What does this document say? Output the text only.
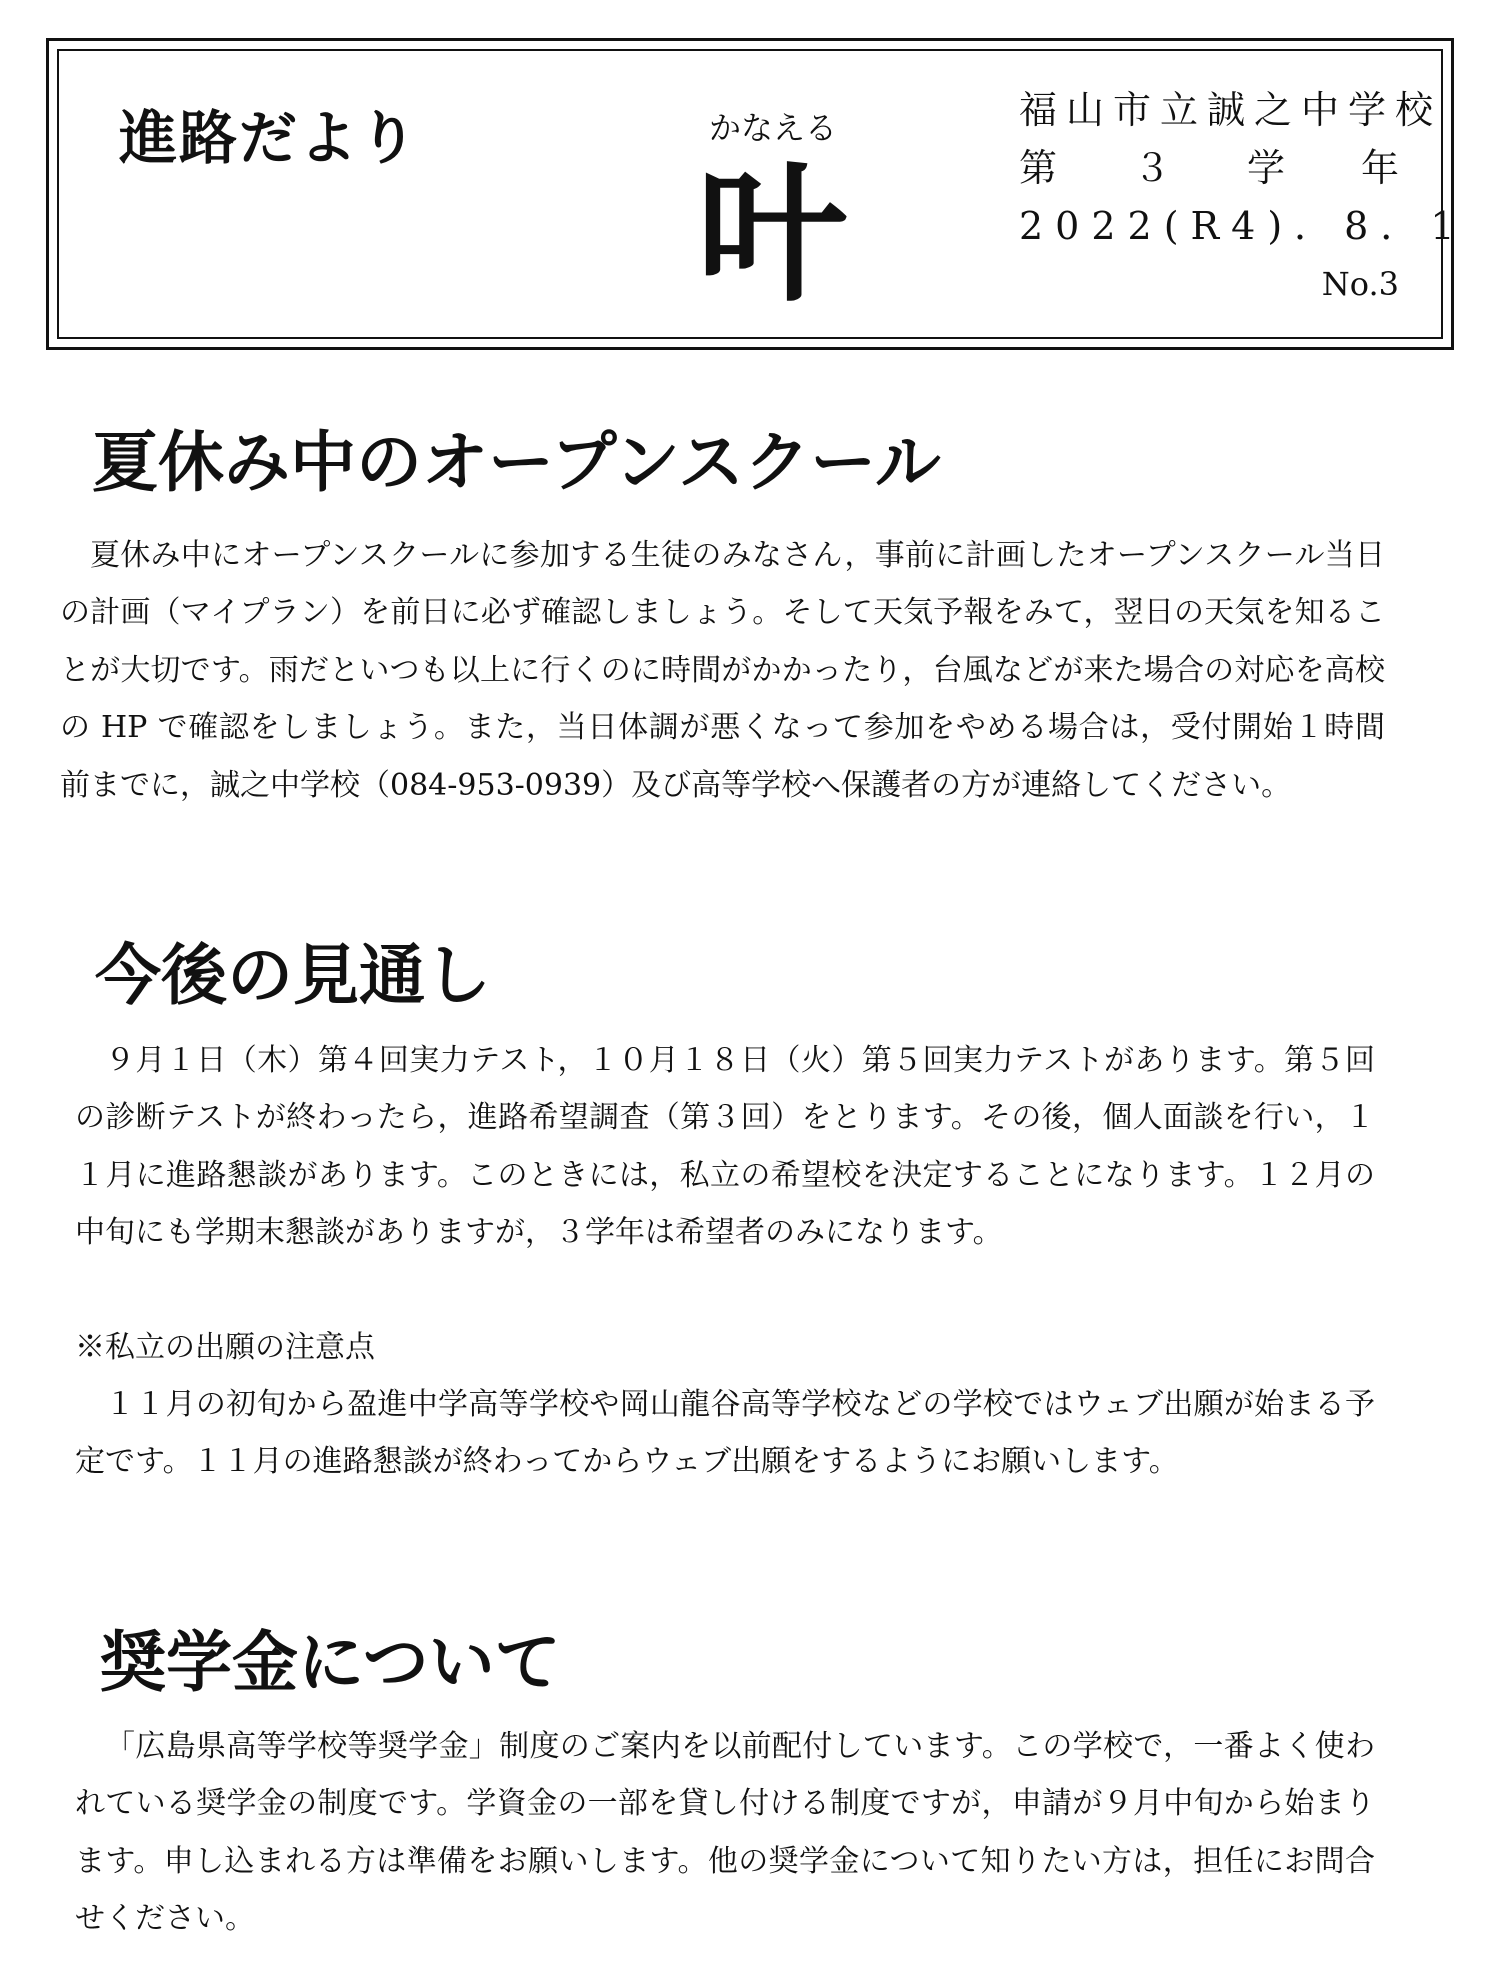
進路だより	かなえる
叶
福山市立誠之中学校
第 ３ 学 年
2022(R4)．8．1
No.3
夏休み中のオープンスクール
夏休み中にオープンスクールに参加する生徒のみなさん，事前に計画したオープンスクール当日の計画（マイプラン）を前日に必ず確認しましょう。そして天気予報をみて，翌日の天気を知ることが大切です。雨だといつも以上に行くのに時間がかかったり，台風などが来た場合の対応を高校の HP で確認をしましょう。また，当日体調が悪くなって参加をやめる場合は，受付開始１時間前までに，誠之中学校（084-953-0939）及び高等学校へ保護者の方が連絡してください。
今後の見通し
９月１日（木）第４回実力テスト，１０月１８日（火）第５回実力テストがあります。第５回の診断テストが終わったら，進路希望調査（第３回）をとります。その後，個人面談を行い，１１月に進路懇談があります。このときには，私立の希望校を決定することになります。１２月の中旬にも学期末懇談がありますが，３学年は希望者のみになります。
※私立の出願の注意点
１１月の初旬から盈進中学高等学校や岡山龍谷高等学校などの学校ではウェブ出願が始まる予定です。１１月の進路懇談が終わってからウェブ出願をするようにお願いします。
奨学金について
「広島県高等学校等奨学金」制度のご案内を以前配付しています。この学校で，一番よく使われている奨学金の制度です。学資金の一部を貸し付ける制度ですが，申請が９月中旬から始まります。申し込まれる方は準備をお願いします。他の奨学金について知りたい方は，担任にお問合せください。
